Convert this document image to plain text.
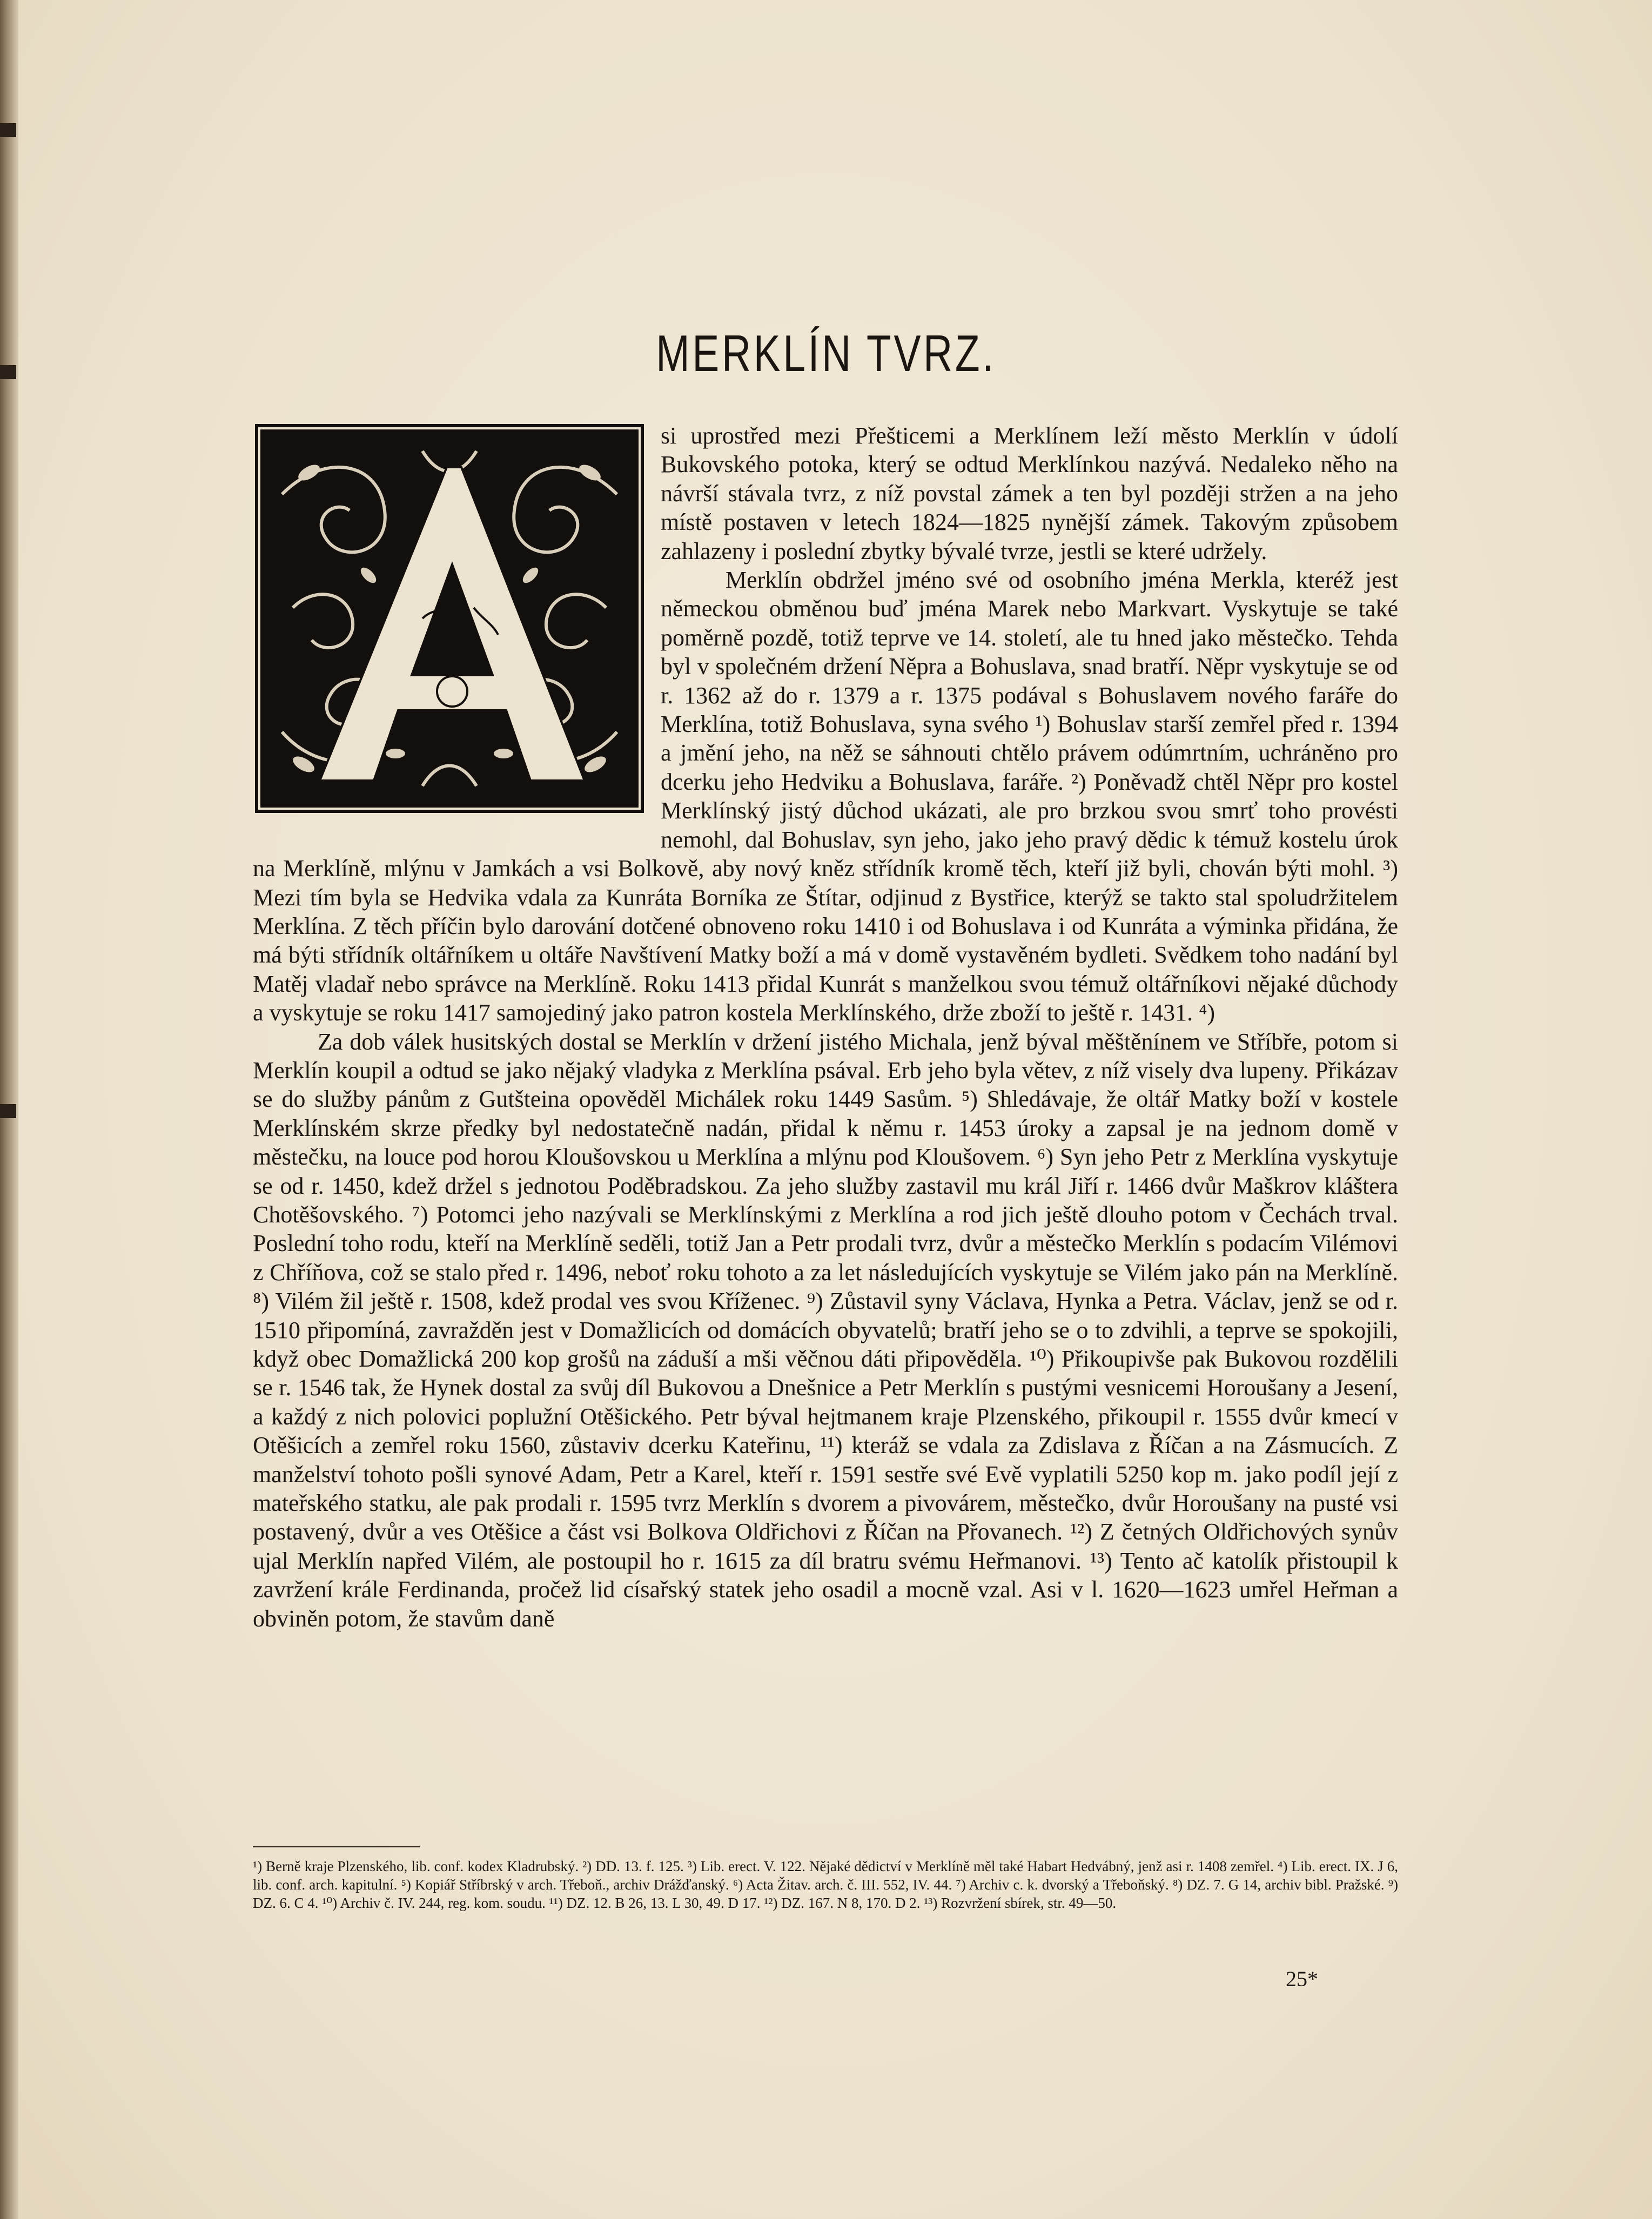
MERKLÍN TVRZ.

si uprostřed mezi Přešticemi a Merklínem leží město Merklín v údolí Bukovského potoka, který se odtud Merklínkou nazývá. Nedaleko něho na návrší stávala tvrz, z níž povstal zámek a ten byl později stržen a na jeho místě postaven v letech 1824—1825 nynější zámek. Takovým způsobem zahlazeny i poslední zbytky bývalé tvrze, jestli se které udržely.

Merklín obdržel jméno své od osobního jména Merkla, kteréž jest německou obměnou buď jména Marek nebo Markvart. Vyskytuje se také poměrně pozdě, totiž teprve ve 14. století, ale tu hned jako městečko. Tehda byl v společném držení Něpra a Bohuslava, snad bratří. Něpr vyskytuje se od r. 1362 až do r. 1379 a r. 1375 podával s Bohuslavem nového faráře do Merklína, totiž Bohuslava, syna svého ¹) Bohuslav starší zemřel před r. 1394 a jmění jeho, na něž se sáhnouti chtělo právem odúmrtním, uchráněno pro dcerku jeho Hedviku a Bohuslava, faráře. ²) Poněvadž chtěl Něpr pro kostel Merklínský jistý důchod ukázati, ale pro brzkou svou smrť toho provésti nemohl, dal Bohuslav, syn jeho, jako jeho pravý dědic k témuž kostelu úrok na Merklíně, mlýnu v Jamkách a vsi Bolkově, aby nový kněz střídník kromě těch, kteří již byli, chován býti mohl. ³) Mezi tím byla se Hedvika vdala za Kunráta Borníka ze Štítar, odjinud z Bystřice, kterýž se takto stal spoludržitelem Merklína. Z těch příčin bylo darování dotčené obnoveno roku 1410 i od Bohuslava i od Kunráta a výminka přidána, že má býti střídník oltářníkem u oltáře Navštívení Matky boží a má v domě vystavěném bydleti. Svědkem toho nadání byl Matěj vladař nebo správce na Merklíně. Roku 1413 přidal Kunrát s manželkou svou témuž oltářníkovi nějaké důchody a vyskytuje se roku 1417 samojediný jako patron kostela Merklínského, drže zboží to ještě r. 1431. ⁴)

Za dob válek husitských dostal se Merklín v držení jistého Michala, jenž býval měštěnínem ve Stříbře, potom si Merklín koupil a odtud se jako nějaký vladyka z Merklína psával. Erb jeho byla větev, z níž visely dva lupeny. Přikázav se do služby pánům z Gutšteina opověděl Michálek roku 1449 Sasům. ⁵) Shledávaje, že oltář Matky boží v kostele Merklínském skrze předky byl nedostatečně nadán, přidal k němu r. 1453 úroky a zapsal je na jednom domě v městečku, na louce pod horou Kloušovskou u Merklína a mlýnu pod Kloušovem. ⁶) Syn jeho Petr z Merklína vyskytuje se od r. 1450, kdež držel s jednotou Poděbradskou. Za jeho služby zastavil mu král Jiří r. 1466 dvůr Maškrov kláštera Chotěšovského. ⁷) Potomci jeho nazývali se Merklínskými z Merklína a rod jich ještě dlouho potom v Čechách trval. Poslední toho rodu, kteří na Merklíně seděli, totiž Jan a Petr prodali tvrz, dvůr a městečko Merklín s podacím Vilémovi z Chříňova, což se stalo před r. 1496, neboť roku tohoto a za let následujících vyskytuje se Vilém jako pán na Merklíně. ⁸) Vilém žil ještě r. 1508, kdež prodal ves svou Kříženec. ⁹) Zůstavil syny Václava, Hynka a Petra. Václav, jenž se od r. 1510 připomíná, zavražděn jest v Domažlicích od domácích obyvatelů; bratří jeho se o to zdvihli, a teprve se spokojili, když obec Domažlická 200 kop grošů na záduší a mši věčnou dáti připověděla. ¹⁰) Přikoupivše pak Bukovou rozdělili se r. 1546 tak, že Hynek dostal za svůj díl Bukovou a Dnešnice a Petr Merklín s pustými vesnicemi Horoušany a Jesení, a každý z nich polovici poplužní Otěšického. Petr býval hejtmanem kraje Plzenského, přikoupil r. 1555 dvůr kmecí v Otěšicích a zemřel roku 1560, zůstaviv dcerku Kateřinu, ¹¹) kteráž se vdala za Zdislava z Říčan a na Zásmucích. Z manželství tohoto pošli synové Adam, Petr a Karel, kteří r. 1591 sestře své Evě vyplatili 5250 kop m. jako podíl její z mateřského statku, ale pak prodali r. 1595 tvrz Merklín s dvorem a pivovárem, městečko, dvůr Horoušany na pusté vsi postavený, dvůr a ves Otěšice a část vsi Bolkova Oldřichovi z Říčan na Přovanech. ¹²) Z četných Oldřichových synův ujal Merklín napřed Vilém, ale postoupil ho r. 1615 za díl bratru svému Heřmanovi. ¹³) Tento ač katolík přistoupil k zavržení krále Ferdinanda, pročež lid císařský statek jeho osadil a mocně vzal. Asi v l. 1620—1623 umřel Heřman a obviněn potom, že stavům daně

¹) Berně kraje Plzenského, lib. conf. kodex Kladrubský. ²) DD. 13. f. 125. ³) Lib. erect. V. 122. Nějaké dědictví v Merklíně měl také Habart Hedvábný, jenž asi r. 1408 zemřel. ⁴) Lib. erect. IX. J 6, lib. conf. arch. kapitulní. ⁵) Kopiář Stříbrský v arch. Třeboň., archiv Drážďanský. ⁶) Acta Žitav. arch. č. III. 552, IV. 44. ⁷) Archiv c. k. dvorský a Třeboňský. ⁸) DZ. 7. G 14, archiv bibl. Pražské. ⁹) DZ. 6. C 4. ¹⁰) Archiv č. IV. 244, reg. kom. soudu. ¹¹) DZ. 12. B 26, 13. L 30, 49. D 17. ¹²) DZ. 167. N 8, 170. D 2. ¹³) Rozvržení sbírek, str. 49—50.
25*
